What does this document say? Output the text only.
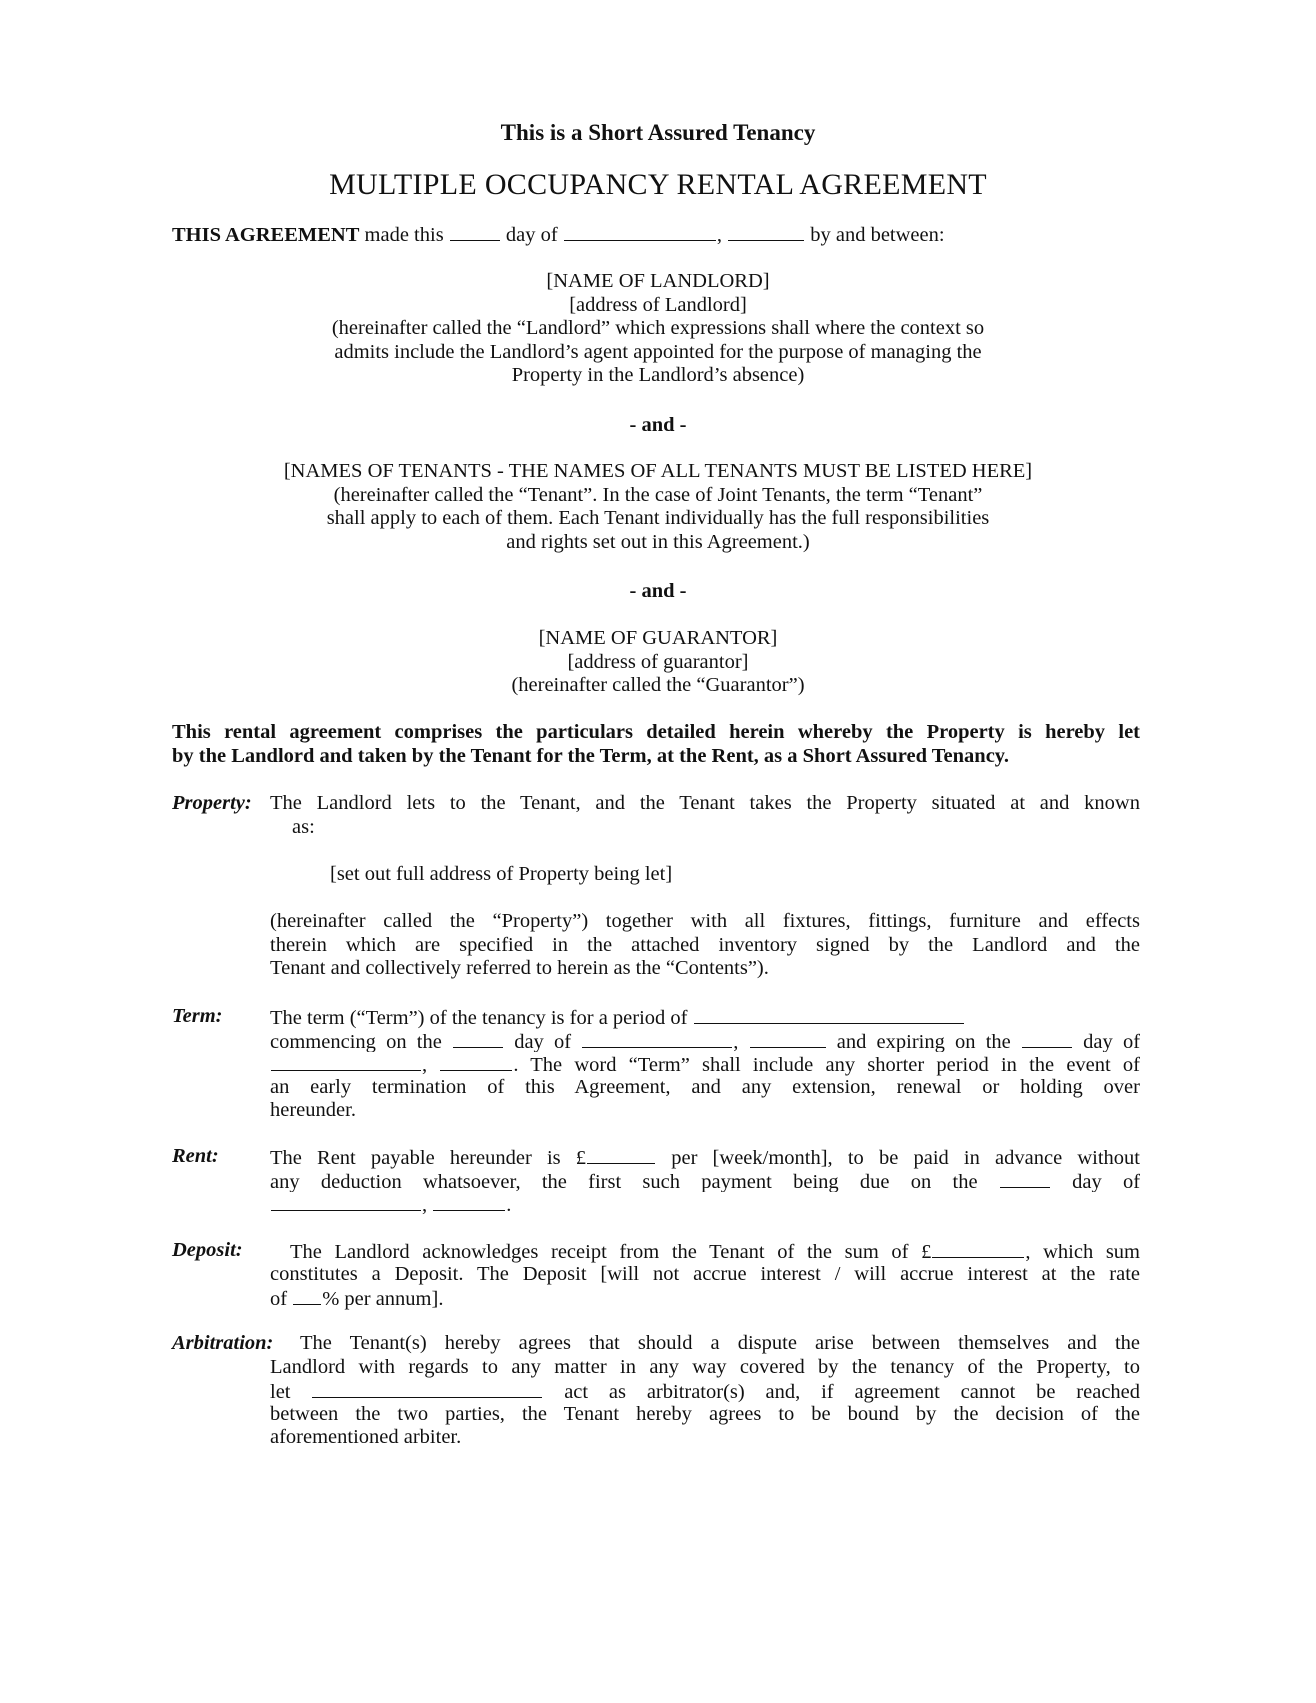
This is a Short Assured Tenancy
MULTIPLE OCCUPANCY RENTAL AGREEMENT
THIS AGREEMENT made this	day of	,	by and between:
[NAME OF LANDLORD]
[address of Landlord]
(hereinafter called the “Landlord” which expressions shall where the context so
admits include the Landlord’s agent appointed for the purpose of managing the
Property in the Landlord’s absence)
- and -
[NAMES OF TENANTS - THE NAMES OF ALL TENANTS MUST BE LISTED HERE]
(hereinafter called the “Tenant”. In the case of Joint Tenants, the term “Tenant”
shall apply to each of them. Each Tenant individually has the full responsibilities
and rights set out in this Agreement.)
- and -
[NAME OF GUARANTOR]
[address of guarantor]
(hereinafter called the “Guarantor”)
This rental agreement comprises the particulars detailed herein whereby the Property is hereby let
by the Landlord and taken by the Tenant for the Term, at the Rent, as a Short Assured Tenancy.
Property: The Landlord lets to the Tenant, and the Tenant takes the Property situated at and known
as:
[set out full address of Property being let]
(hereinafter called the “Property”) together with all fixtures, fittings, furniture and effects
therein which are specified in the attached inventory signed by the Landlord and the
Tenant and collectively referred to herein as the “Contents”).
Term: The term (“Term”) of the tenancy is for a period of
commencing on the	day of	,	and expiring on the	day of
,	. The word “Term” shall include any shorter period in the event of
an early termination of this Agreement, and any extension, renewal or holding over
hereunder.
Rent:	The Rent payable hereunder is £	per [week/month], to be paid in advance without
any deduction whatsoever, the first such payment being due on the	day of
,	.
Deposit: The Landlord acknowledges receipt from the Tenant of the sum of £	, which sum
constitutes a Deposit. The Deposit [will not accrue interest / will accrue interest at the rate
of % per annum].
Arbitration: The Tenant(s) hereby agrees that should a dispute arise between themselves and the
Landlord with regards to any matter in any way covered by the tenancy of the Property, to
let	act as arbitrator(s) and, if agreement cannot be reached
between the two parties, the Tenant hereby agrees to be bound by the decision of the
aforementioned arbiter.
